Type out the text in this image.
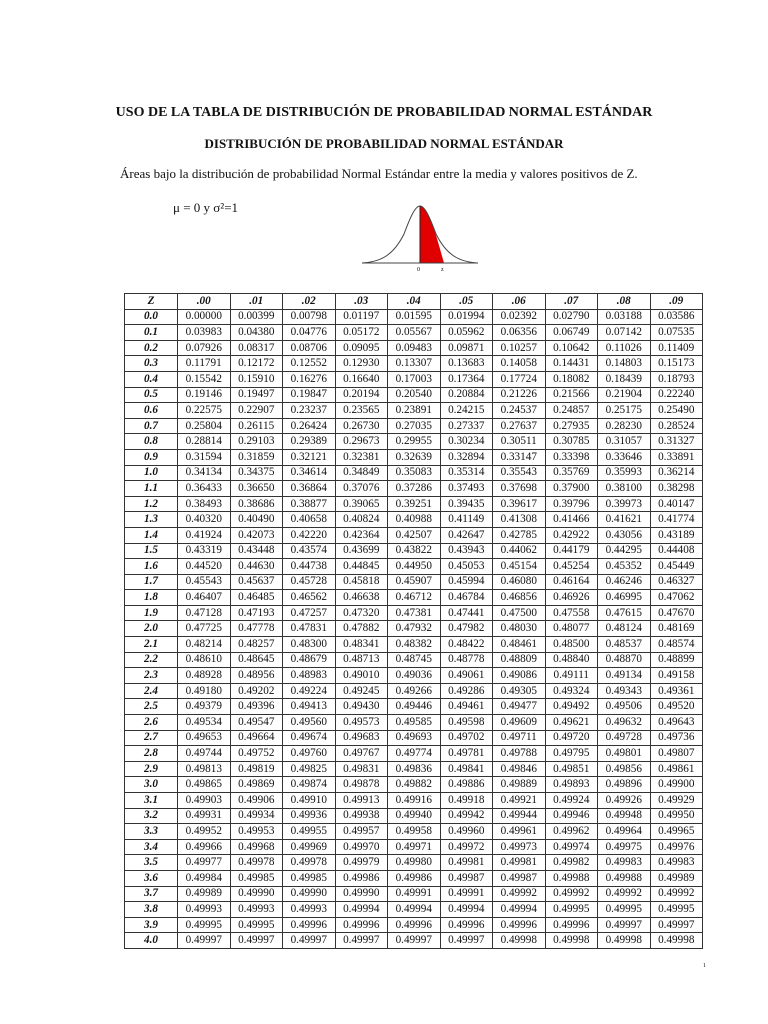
USO DE LA TABLA DE DISTRIBUCIÓN DE PROBABILIDAD NORMAL ESTÁNDAR
DISTRIBUCIÓN DE PROBABILIDAD NORMAL ESTÁNDAR
Áreas bajo la distribución de probabilidad Normal Estándar entre la media y valores positivos de Z.
μ = 0 y σ²=1
0	z
Z	.00	.01	.02	.03	.04	.05	.06	.07	.08	.09
0.0	0.00000	0.00399	0.00798	0.01197	0.01595	0.01994	0.02392	0.02790	0.03188	0.03586
0.1	0.03983	0.04380	0.04776	0.05172	0.05567	0.05962	0.06356	0.06749	0.07142	0.07535
0.2	0.07926	0.08317	0.08706	0.09095	0.09483	0.09871	0.10257	0.10642	0.11026	0.11409
0.3	0.11791	0.12172	0.12552	0.12930	0.13307	0.13683	0.14058	0.14431	0.14803	0.15173
0.4	0.15542	0.15910	0.16276	0.16640	0.17003	0.17364	0.17724	0.18082	0.18439	0.18793
0.5	0.19146	0.19497	0.19847	0.20194	0.20540	0.20884	0.21226	0.21566	0.21904	0.22240
0.6	0.22575	0.22907	0.23237	0.23565	0.23891	0.24215	0.24537	0.24857	0.25175	0.25490
0.7	0.25804	0.26115	0.26424	0.26730	0.27035	0.27337	0.27637	0.27935	0.28230	0.28524
0.8	0.28814	0.29103	0.29389	0.29673	0.29955	0.30234	0.30511	0.30785	0.31057	0.31327
0.9	0.31594	0.31859	0.32121	0.32381	0.32639	0.32894	0.33147	0.33398	0.33646	0.33891
1.0	0.34134	0.34375	0.34614	0.34849	0.35083	0.35314	0.35543	0.35769	0.35993	0.36214
1.1	0.36433	0.36650	0.36864	0.37076	0.37286	0.37493	0.37698	0.37900	0.38100	0.38298
1.2	0.38493	0.38686	0.38877	0.39065	0.39251	0.39435	0.39617	0.39796	0.39973	0.40147
1.3	0.40320	0.40490	0.40658	0.40824	0.40988	0.41149	0.41308	0.41466	0.41621	0.41774
1.4	0.41924	0.42073	0.42220	0.42364	0.42507	0.42647	0.42785	0.42922	0.43056	0.43189
1.5	0.43319	0.43448	0.43574	0.43699	0.43822	0.43943	0.44062	0.44179	0.44295	0.44408
1.6	0.44520	0.44630	0.44738	0.44845	0.44950	0.45053	0.45154	0.45254	0.45352	0.45449
1.7	0.45543	0.45637	0.45728	0.45818	0.45907	0.45994	0.46080	0.46164	0.46246	0.46327
1.8	0.46407	0.46485	0.46562	0.46638	0.46712	0.46784	0.46856	0.46926	0.46995	0.47062
1.9	0.47128	0.47193	0.47257	0.47320	0.47381	0.47441	0.47500	0.47558	0.47615	0.47670
2.0	0.47725	0.47778	0.47831	0.47882	0.47932	0.47982	0.48030	0.48077	0.48124	0.48169
2.1	0.48214	0.48257	0.48300	0.48341	0.48382	0.48422	0.48461	0.48500	0.48537	0.48574
2.2	0.48610	0.48645	0.48679	0.48713	0.48745	0.48778	0.48809	0.48840	0.48870	0.48899
2.3	0.48928	0.48956	0.48983	0.49010	0.49036	0.49061	0.49086	0.49111	0.49134	0.49158
2.4	0.49180	0.49202	0.49224	0.49245	0.49266	0.49286	0.49305	0.49324	0.49343	0.49361
2.5	0.49379	0.49396	0.49413	0.49430	0.49446	0.49461	0.49477	0.49492	0.49506	0.49520
2.6	0.49534	0.49547	0.49560	0.49573	0.49585	0.49598	0.49609	0.49621	0.49632	0.49643
2.7	0.49653	0.49664	0.49674	0.49683	0.49693	0.49702	0.49711	0.49720	0.49728	0.49736
2.8	0.49744	0.49752	0.49760	0.49767	0.49774	0.49781	0.49788	0.49795	0.49801	0.49807
2.9	0.49813	0.49819	0.49825	0.49831	0.49836	0.49841	0.49846	0.49851	0.49856	0.49861
3.0	0.49865	0.49869	0.49874	0.49878	0.49882	0.49886	0.49889	0.49893	0.49896	0.49900
3.1	0.49903	0.49906	0.49910	0.49913	0.49916	0.49918	0.49921	0.49924	0.49926	0.49929
3.2	0.49931	0.49934	0.49936	0.49938	0.49940	0.49942	0.49944	0.49946	0.49948	0.49950
3.3	0.49952	0.49953	0.49955	0.49957	0.49958	0.49960	0.49961	0.49962	0.49964	0.49965
3.4	0.49966	0.49968	0.49969	0.49970	0.49971	0.49972	0.49973	0.49974	0.49975	0.49976
3.5	0.49977	0.49978	0.49978	0.49979	0.49980	0.49981	0.49981	0.49982	0.49983	0.49983
3.6	0.49984	0.49985	0.49985	0.49986	0.49986	0.49987	0.49987	0.49988	0.49988	0.49989
3.7	0.49989	0.49990	0.49990	0.49990	0.49991	0.49991	0.49992	0.49992	0.49992	0.49992
3.8	0.49993	0.49993	0.49993	0.49994	0.49994	0.49994	0.49994	0.49995	0.49995	0.49995
3.9	0.49995	0.49995	0.49996	0.49996	0.49996	0.49996	0.49996	0.49996	0.49997	0.49997
4.0	0.49997	0.49997	0.49997	0.49997	0.49997	0.49997	0.49998	0.49998	0.49998	0.49998
1
